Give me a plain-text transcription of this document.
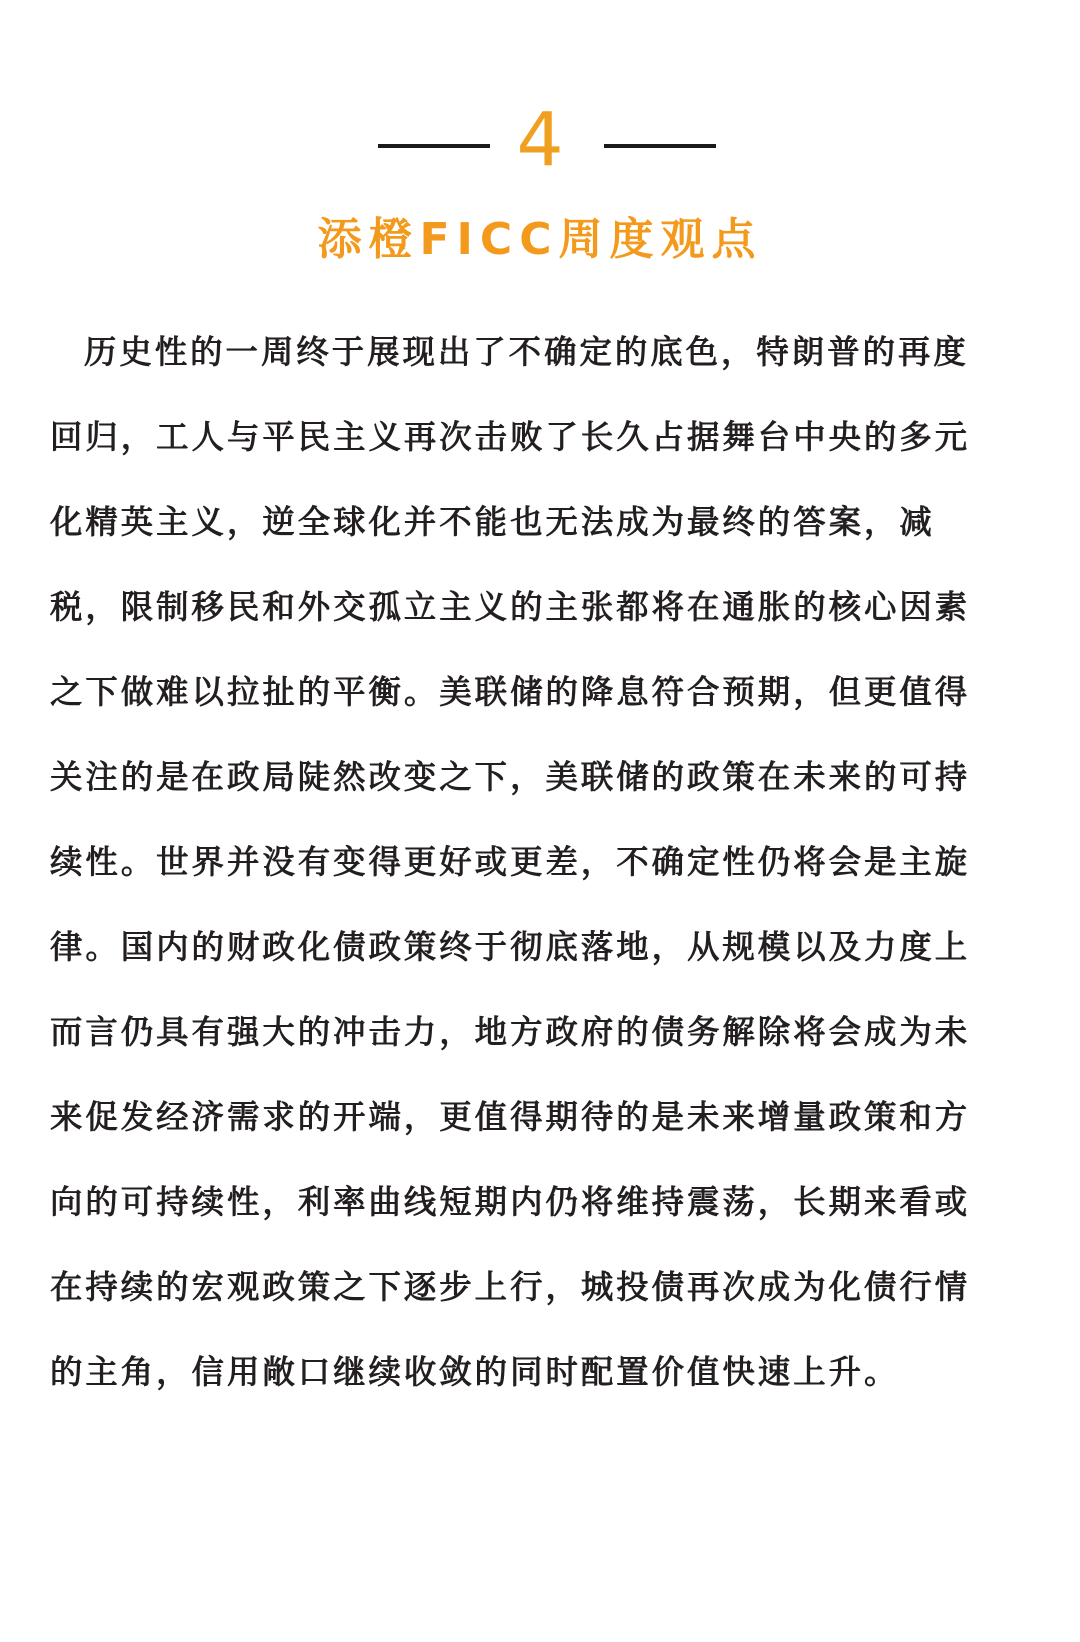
4
添橙FICC周度观点
历史性的一周终于展现出了不确定的底色，特朗普的再度
回归，工人与平民主义再次击败了长久占据舞台中央的多元
化精英主义，逆全球化并不能也无法成为最终的答案，减
税，限制移民和外交孤立主义的主张都将在通胀的核心因素
之下做难以拉扯的平衡。美联储的降息符合预期，但更值得
关注的是在政局陡然改变之下，美联储的政策在未来的可持
续性。世界并没有变得更好或更差，不确定性仍将会是主旋
律。国内的财政化债政策终于彻底落地，从规模以及力度上
而言仍具有强大的冲击力，地方政府的债务解除将会成为未
来促发经济需求的开端，更值得期待的是未来增量政策和方
向的可持续性，利率曲线短期内仍将维持震荡，长期来看或
在持续的宏观政策之下逐步上行，城投债再次成为化债行情
的主角，信用敞口继续收敛的同时配置价值快速上升。
